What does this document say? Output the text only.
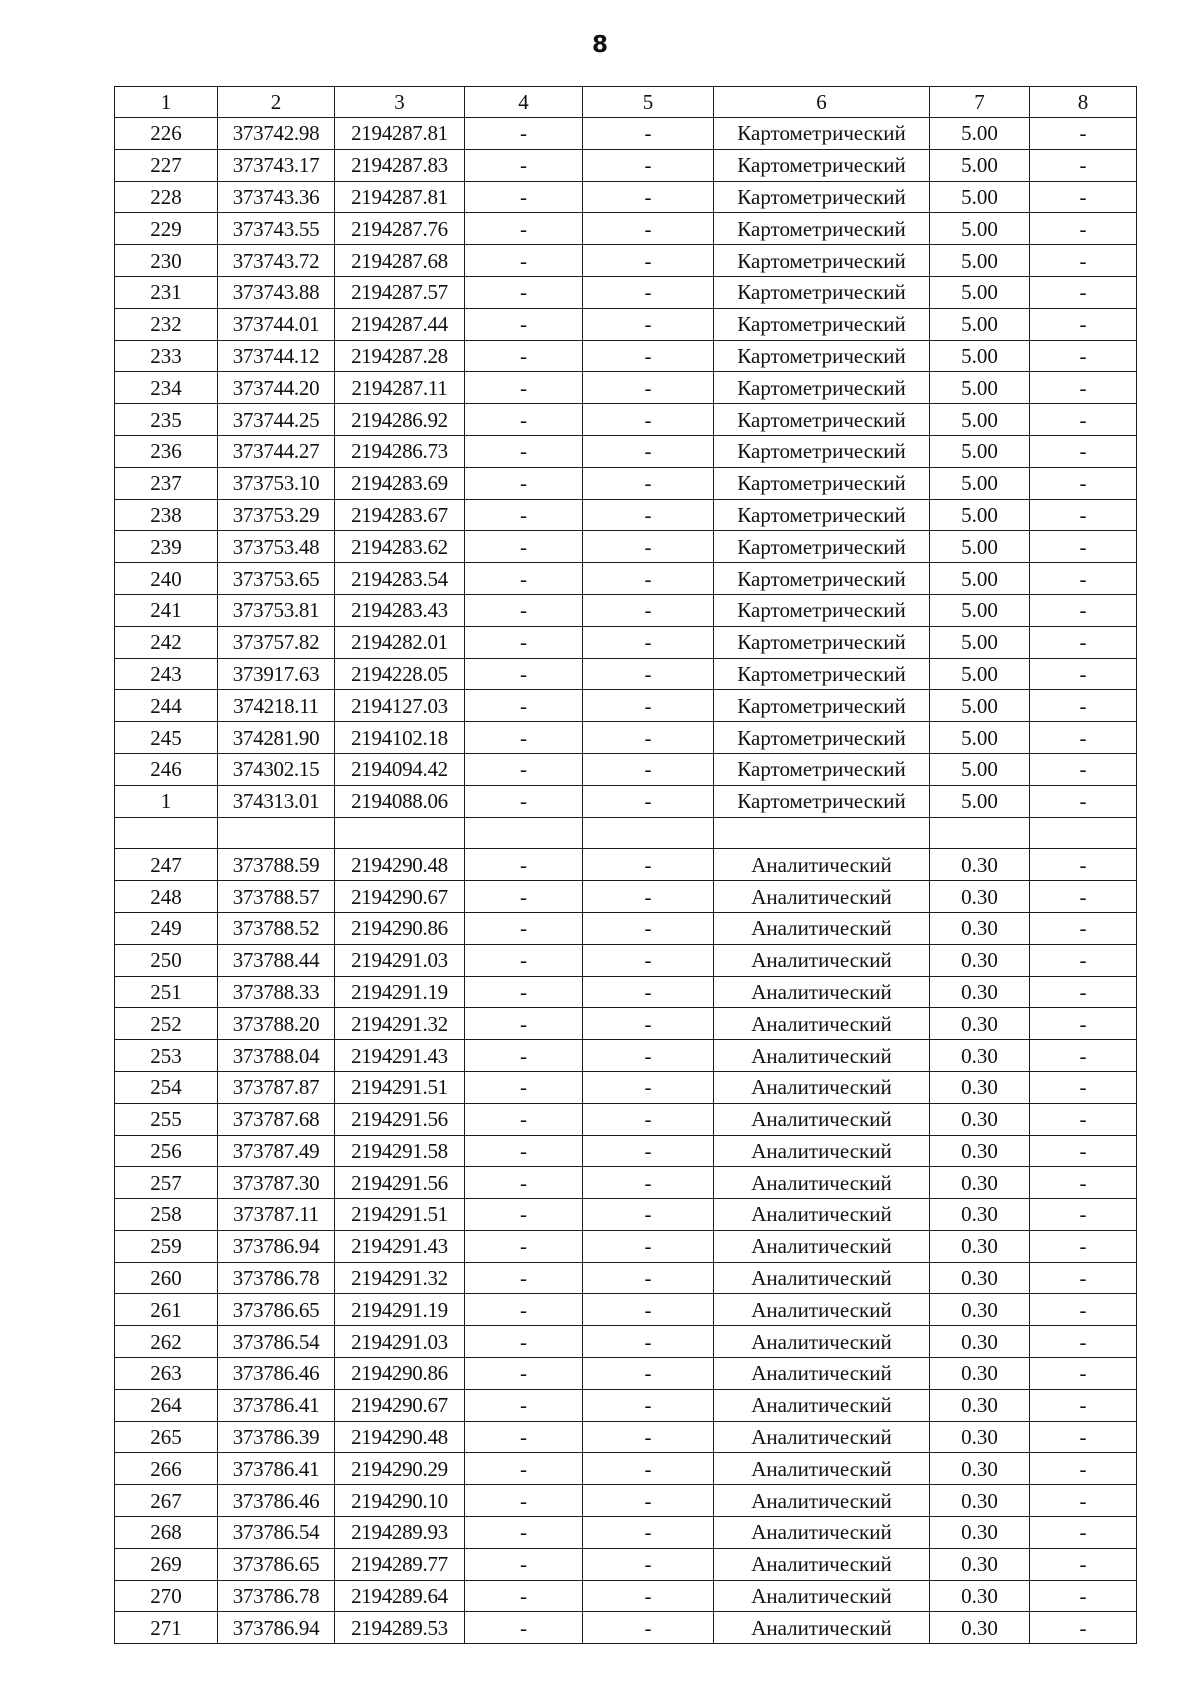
8
1	2	3	4	5	6	7	8
226	373742.98	2194287.81	-	-	Картометрический	5.00	-
227	373743.17	2194287.83	-	-	Картометрический	5.00	-
228	373743.36	2194287.81	-	-	Картометрический	5.00	-
229	373743.55	2194287.76	-	-	Картометрический	5.00	-
230	373743.72	2194287.68	-	-	Картометрический	5.00	-
231	373743.88	2194287.57	-	-	Картометрический	5.00	-
232	373744.01	2194287.44	-	-	Картометрический	5.00	-
233	373744.12	2194287.28	-	-	Картометрический	5.00	-
234	373744.20	2194287.11	-	-	Картометрический	5.00	-
235	373744.25	2194286.92	-	-	Картометрический	5.00	-
236	373744.27	2194286.73	-	-	Картометрический	5.00	-
237	373753.10	2194283.69	-	-	Картометрический	5.00	-
238	373753.29	2194283.67	-	-	Картометрический	5.00	-
239	373753.48	2194283.62	-	-	Картометрический	5.00	-
240	373753.65	2194283.54	-	-	Картометрический	5.00	-
241	373753.81	2194283.43	-	-	Картометрический	5.00	-
242	373757.82	2194282.01	-	-	Картометрический	5.00	-
243	373917.63	2194228.05	-	-	Картометрический	5.00	-
244	374218.11	2194127.03	-	-	Картометрический	5.00	-
245	374281.90	2194102.18	-	-	Картометрический	5.00	-
246	374302.15	2194094.42	-	-	Картометрический	5.00	-
1	374313.01	2194088.06	-	-	Картометрический	5.00	-

247	373788.59	2194290.48	-	-	Аналитический	0.30	-
248	373788.57	2194290.67	-	-	Аналитический	0.30	-
249	373788.52	2194290.86	-	-	Аналитический	0.30	-
250	373788.44	2194291.03	-	-	Аналитический	0.30	-
251	373788.33	2194291.19	-	-	Аналитический	0.30	-
252	373788.20	2194291.32	-	-	Аналитический	0.30	-
253	373788.04	2194291.43	-	-	Аналитический	0.30	-
254	373787.87	2194291.51	-	-	Аналитический	0.30	-
255	373787.68	2194291.56	-	-	Аналитический	0.30	-
256	373787.49	2194291.58	-	-	Аналитический	0.30	-
257	373787.30	2194291.56	-	-	Аналитический	0.30	-
258	373787.11	2194291.51	-	-	Аналитический	0.30	-
259	373786.94	2194291.43	-	-	Аналитический	0.30	-
260	373786.78	2194291.32	-	-	Аналитический	0.30	-
261	373786.65	2194291.19	-	-	Аналитический	0.30	-
262	373786.54	2194291.03	-	-	Аналитический	0.30	-
263	373786.46	2194290.86	-	-	Аналитический	0.30	-
264	373786.41	2194290.67	-	-	Аналитический	0.30	-
265	373786.39	2194290.48	-	-	Аналитический	0.30	-
266	373786.41	2194290.29	-	-	Аналитический	0.30	-
267	373786.46	2194290.10	-	-	Аналитический	0.30	-
268	373786.54	2194289.93	-	-	Аналитический	0.30	-
269	373786.65	2194289.77	-	-	Аналитический	0.30	-
270	373786.78	2194289.64	-	-	Аналитический	0.30	-
271	373786.94	2194289.53	-	-	Аналитический	0.30	-
